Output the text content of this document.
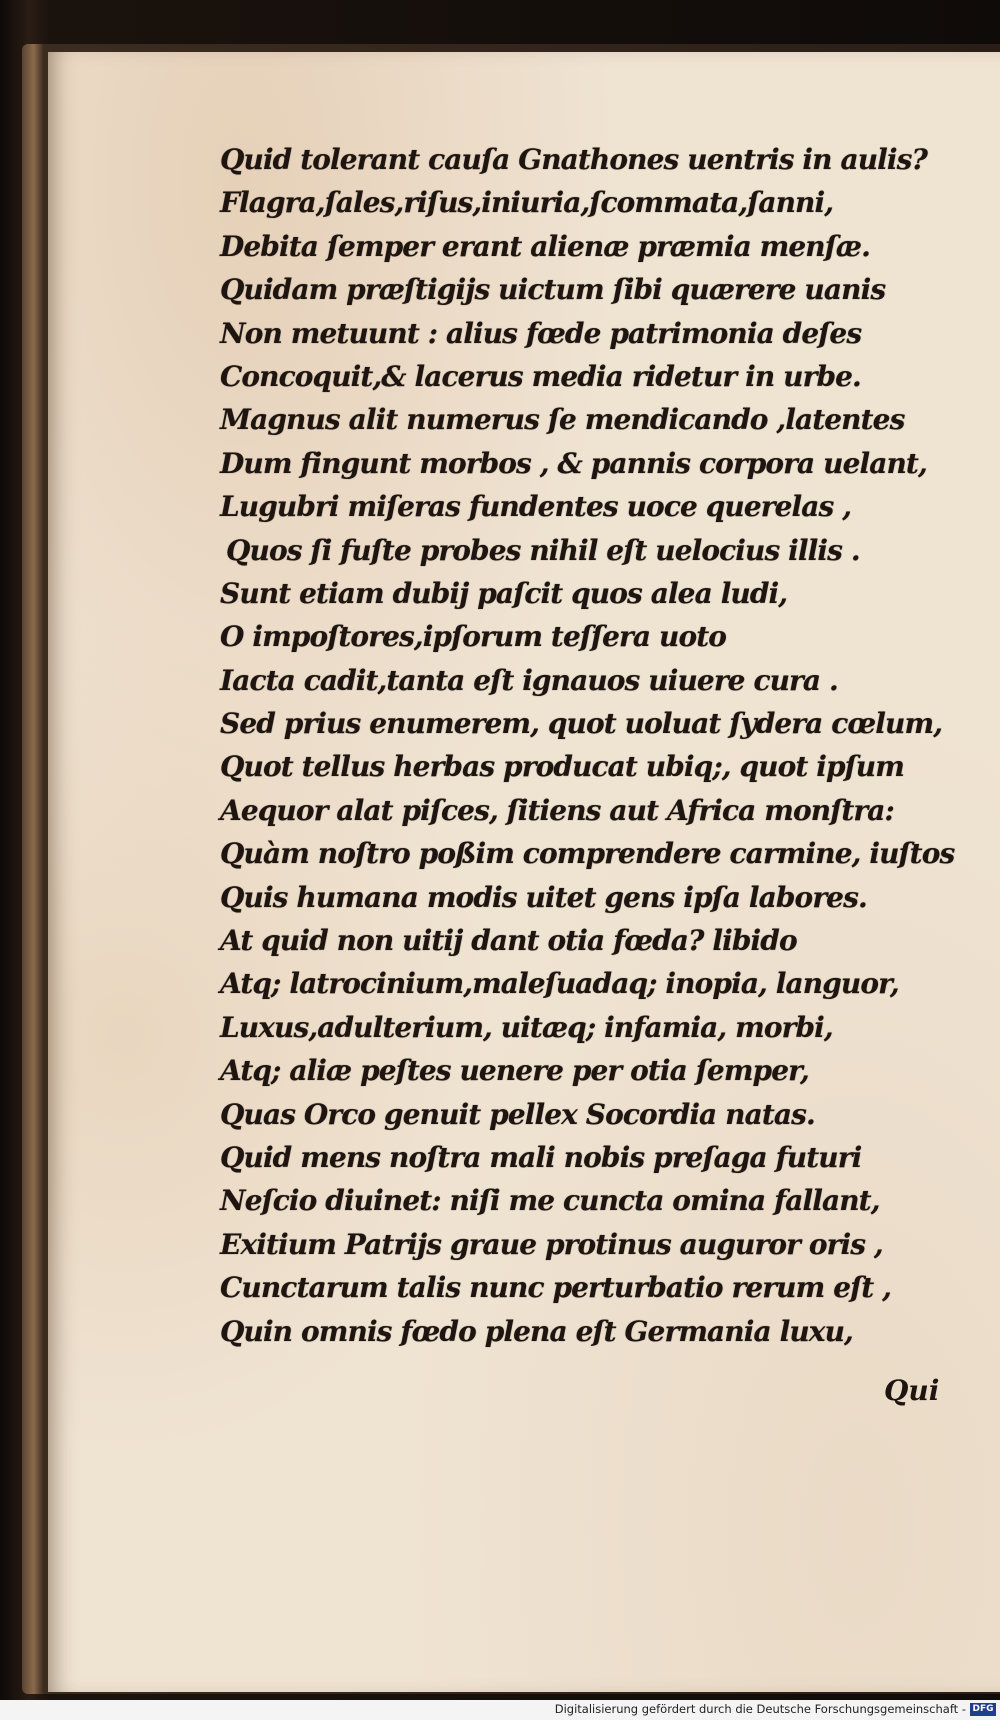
Quid tolerant cauſa Gnathones uentris in aulis?
Flagra,ſales,riſus,iniuria,ſcommata,ſanni,
Debita ſemper erant alienæ præmia menſæ.
Quidam præſtigijs uictum ſibi quærere uanis
Non metuunt : alius fœde patrimonia deſes
Concoquit,& lacerus media ridetur in urbe.
Magnus alit numerus ſe mendicando ,latentes
Dum fingunt morbos , & pannis corpora uelant,
Lugubri miſeras fundentes uoce querelas ,
Quos ſi fuſte probes nihil eſt uelocius illis .
Sunt etiam dubij paſcit quos alea ludi,
O impoſtores,ipſorum teſſera uoto
Iacta cadit,tanta eſt ignauos uiuere cura .
Sed prius enumerem, quot uoluat ſydera cœlum,
Quot tellus herbas producat ubiq;, quot ipſum
Aequor alat piſces, ſitiens aut Africa monſtra:
Quàm noſtro poßim comprendere carmine, iuſtos
Quis humana modis uitet gens ipſa labores.
At quid non uitij dant otia fœda? libido
Atq; latrocinium,maleſuadaq; inopia, languor,
Luxus,adulterium, uitæq; infamia, morbi,
Atq; aliæ peſtes uenere per otia ſemper,
Quas Orco genuit pellex Socordia natas.
Quid mens noſtra mali nobis preſaga futuri
Neſcio diuinet: niſi me cuncta omina fallant,
Exitium Patrijs graue protinus auguror oris ,
Cunctarum talis nunc perturbatio rerum eſt ,
Quin omnis fœdo plena eſt Germania luxu,
Qui
Digitalisierung gefördert durch die Deutsche Forschungsgemeinschaft - DFG
